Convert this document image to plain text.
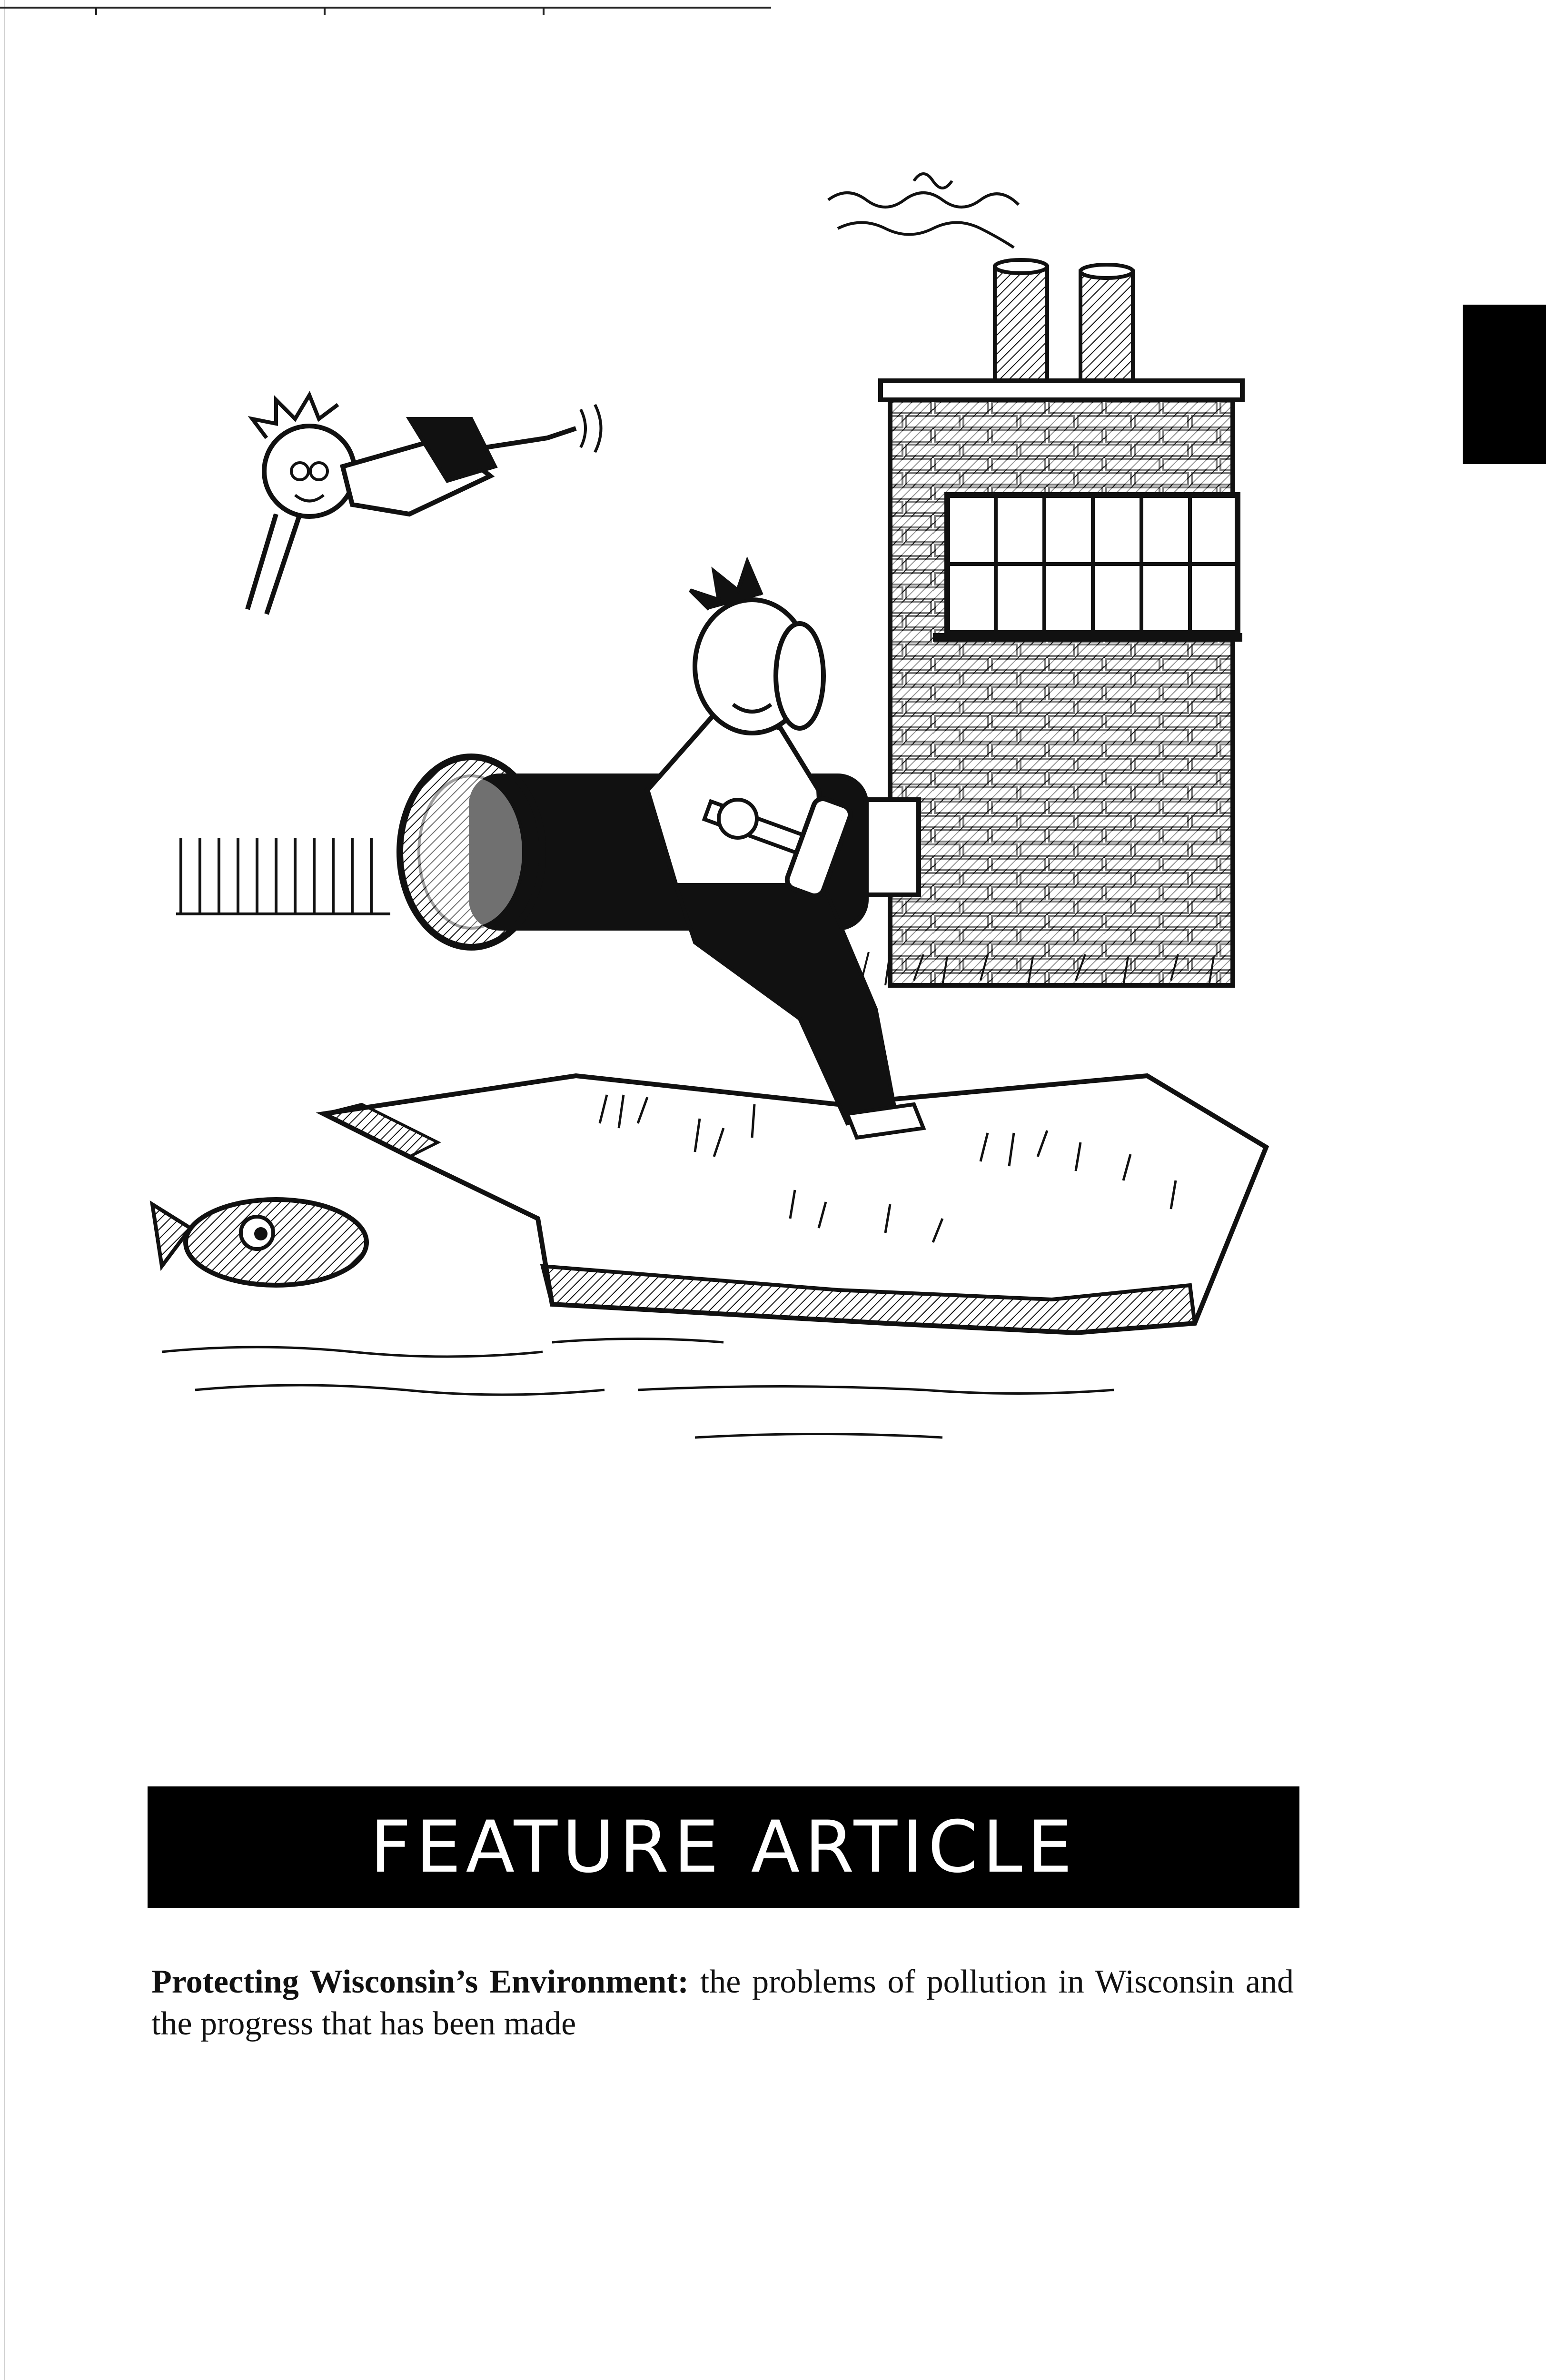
FEATURE ARTICLE

Protecting Wisconsin’s Environment: the problems of pollution in Wisconsin and the progress that has been made
